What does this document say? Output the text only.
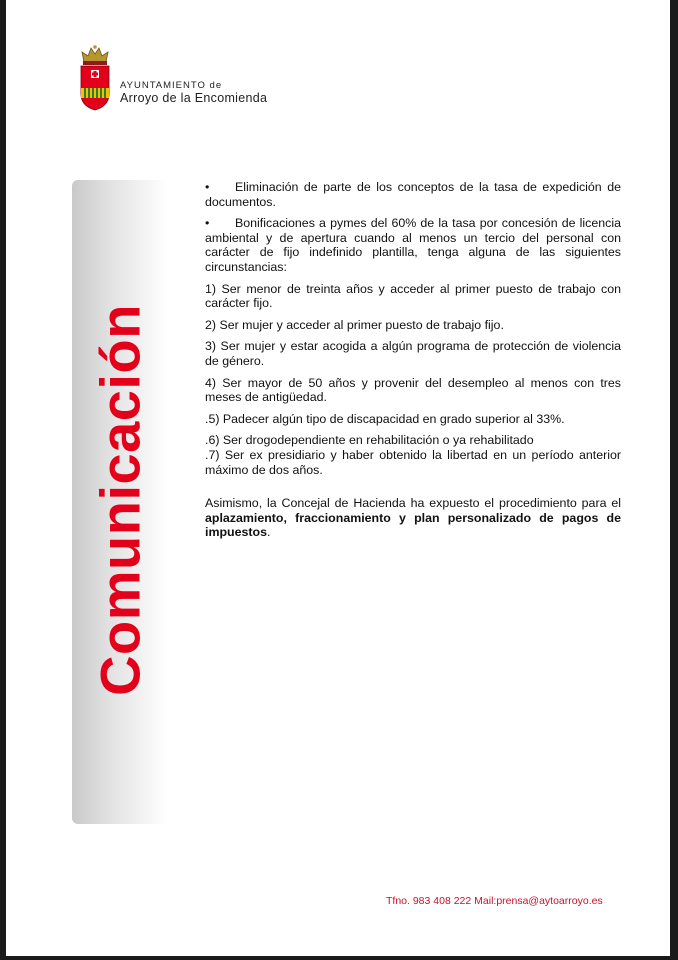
AYUNTAMIENTO de
Arroyo de la Encomienda
Comunicación

• Eliminación de parte de los conceptos de la tasa de expedición de documentos.

• Bonificaciones a pymes del 60% de la tasa por concesión de licencia ambiental y de apertura cuando al menos un tercio del personal con carácter de fijo indefinido plantilla, tenga alguna de las siguientes circunstancias:

1) Ser menor de treinta años y acceder al primer puesto de trabajo con carácter fijo.

2) Ser mujer y acceder al primer puesto de trabajo fijo.

3) Ser mujer y estar acogida a algún programa de protección de violencia de género.

4) Ser mayor de 50 años y provenir del desempleo al menos con tres meses de antigüedad.

.5) Padecer algún tipo de discapacidad en grado superior al 33%.

.6) Ser drogodependiente en rehabilitación o ya rehabilitado

.7) Ser ex presidiario y haber obtenido la libertad en un período anterior máximo de dos años.

Asimismo, la Concejal de Hacienda ha expuesto el procedimiento para el aplazamiento, fraccionamiento y plan personalizado de pagos de impuestos.

Tfno. 983 408 222 Mail:prensa@aytoarroyo.es
